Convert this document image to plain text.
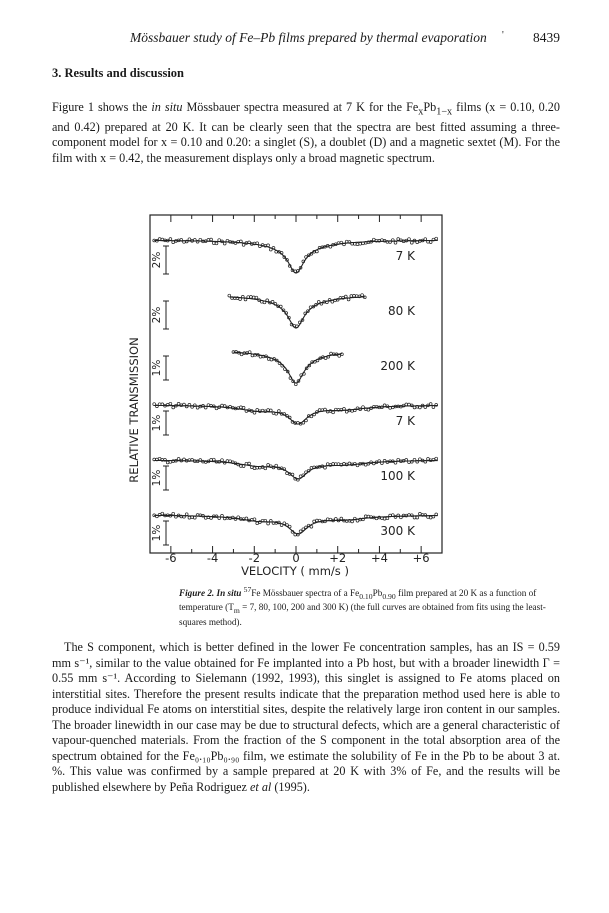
Mössbauer study of Fe–Pb films prepared by thermal evaporation ' 8439
3. Results and discussion
Figure 1 shows the in situ Mössbauer spectra measured at 7 K for the $Fe_xPb_{1-x}$ films (x = 0.10, 0.20 and 0.42) prepared at 20 K. It can be clearly seen that the spectra are best fitted assuming a three-component model for x = 0.10 and 0.20: a singlet (S), a doublet (D) and a magnetic sextet (M). For the film with x = 0.42, the measurement displays only a broad magnetic spectrum.
7 K
2%
80 K
2%
200 K
1%
7 K
1%
100 K
1%
300 K
1%
-6	-4	-2	0	+2 +4 +6
RELATIVE TRANSMISSION
VELOCITY ( mm/s )
Figure 2. In situ $^{57}$Fe Mössbauer spectra of a $Fe_{0.10}Pb_{0.90}$ film prepared at 20 K as a function of temperature ($T_m = 7$, 80, 100, 200 and 300 K) (the full curves are obtained from fits using the least-squares method).
The S component, which is better defined in the lower Fe concentration samples, has an IS = 0.59 mm s⁻¹, similar to the value obtained for Fe implanted into a Pb host, but with a broader linewidth Γ = 0.55 mm s⁻¹. According to Sielemann (1992, 1993), this singlet is assigned to Fe atoms placed on interstitial sites. Therefore the present results indicate that the preparation method used here is able to produce individual Fe atoms on interstitial sites, despite the relatively large iron content in our samples. The broader linewidth in our case may be due to structural defects, which are a general characteristic of vapour-quenched materials. From the fraction of the S component in the total absorption area of the spectrum obtained for the Fe₀.₁₀Pb₀.₉₀ film, we estimate the solubility of Fe in the Pb to be about 3 at. %. This value was confirmed by a sample prepared at 20 K with 3% of Fe, and the results will be published elsewhere by Peña Rodriguez et al (1995).
